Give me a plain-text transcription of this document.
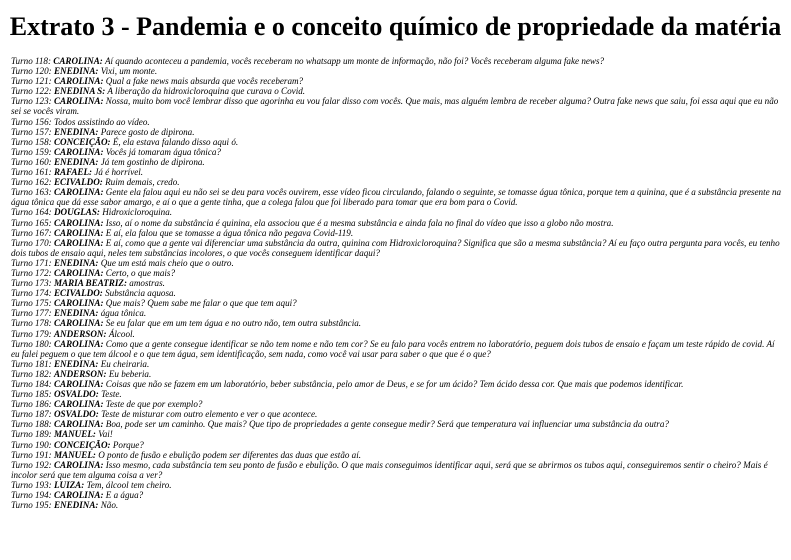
Extrato 3 - Pandemia e o conceito químico de propriedade da matéria

Turno 118: CAROLINA: Aí quando aconteceu a pandemia, vocês receberam no whatsapp um monte de informação, não foi? Vocês receberam alguma fake news?

Turno 120: ENEDINA: Vixi, um monte.

Turno 121: CAROLINA: Qual a fake news mais absurda que vocês receberam?

Turno 122: ENEDINA S: A liberação da hidroxicloroquina que curava o Covid.

Turno 123: CAROLINA: Nossa, muito bom você lembrar disso que agorinha eu vou falar disso com vocês. Que mais, mas alguém lembra de receber alguma? Outra fake news que saiu, foi essa aqui que eu não sei se vocês viram.

Turno 156: Todos assistindo ao vídeo.

Turno 157: ENEDINA: Parece gosto de dipirona.

Turno 158: CONCEIÇÃO: É, ela estava falando disso aqui ó.

Turno 159: CAROLINA: Vocês já tomaram água tônica?

Turno 160: ENEDINA: Já tem gostinho de dipirona.

Turno 161: RAFAEL: Já é horrível.

Turno 162: ECIVALDO: Ruim demais, credo.

Turno 163: CAROLINA: Gente ela falou aqui eu não sei se deu para vocês ouvirem, esse vídeo ficou circulando, falando o seguinte, se tomasse água tônica, porque tem a quinina, que é a substância presente na água tônica que dá esse sabor amargo, e aí o que a gente tinha, que a colega falou que foi liberado para tomar que era bom para o Covid.

Turno 164: DOUGLAS: Hidroxicloroquina.

Turno 165: CAROLINA: Isso, aí o nome da substância é quinina, ela associou que é a mesma substância e ainda fala no final do vídeo que isso a globo não mostra.

Turno 167: CAROLINA: E aí, ela falou que se tomasse a água tônica não pegava Covid-119.

Turno 170: CAROLINA: E aí, como que a gente vai diferenciar uma substância da outra, quinina com Hidroxicloroquina? Significa que são a mesma substância? Aí eu faço outra pergunta para vocês, eu tenho dois tubos de ensaio aqui, neles tem substâncias incolores, o que vocês conseguem identificar daqui?

Turno 171: ENEDINA: Que um está mais cheio que o outro.

Turno 172: CAROLINA: Certo, o que mais?

Turno 173: MARIA BEATRIZ: amostras.

Turno 174: ECIVALDO: Substância aquosa.

Turno 175: CAROLINA: Que mais? Quem sabe me falar o que que tem aqui?

Turno 177: ENEDINA: água tônica.

Turno 178: CAROLINA: Se eu falar que em um tem água e no outro não, tem outra substância.

Turno 179: ANDERSON: Álcool.

Turno 180: CAROLINA: Como que a gente consegue identificar se não tem nome e não tem cor? Se eu falo para vocês entrem no laboratório, peguem dois tubos de ensaio e façam um teste rápido de covid. Aí eu falei peguem o que tem álcool e o que tem água, sem identificação, sem nada, como você vai usar para saber o que que é o que?

Turno 181: ENEDINA: Eu cheiraria.

Turno 182: ANDERSON: Eu beberia.

Turno 184: CAROLINA: Coisas que não se fazem em um laboratório, beber substância, pelo amor de Deus, e se for um ácido? Tem ácido dessa cor. Que mais que podemos identificar.

Turno 185: OSVALDO: Teste.

Turno 186: CAROLINA: Teste de que por exemplo?

Turno 187: OSVALDO: Teste de misturar com outro elemento e ver o que acontece.

Turno 188: CAROLINA: Boa, pode ser um caminho. Que mais? Que tipo de propriedades a gente consegue medir? Será que temperatura vai influenciar uma substância da outra?

Turno 189: MANUEL: Vai!

Turno 190: CONCEIÇÃO: Porque?

Turno 191: MANUEL: O ponto de fusão e ebulição podem ser diferentes das duas que estão aí.

Turno 192: CAROLINA: Isso mesmo, cada substância tem seu ponto de fusão e ebulição. O que mais conseguimos identificar aqui, será que se abrirmos os tubos aqui, conseguiremos sentir o cheiro? Mais é incolor será que tem alguma coisa a ver?

Turno 193: LUIZA: Tem, álcool tem cheiro.

Turno 194: CAROLINA: E a água?

Turno 195: ENEDINA: Não.
